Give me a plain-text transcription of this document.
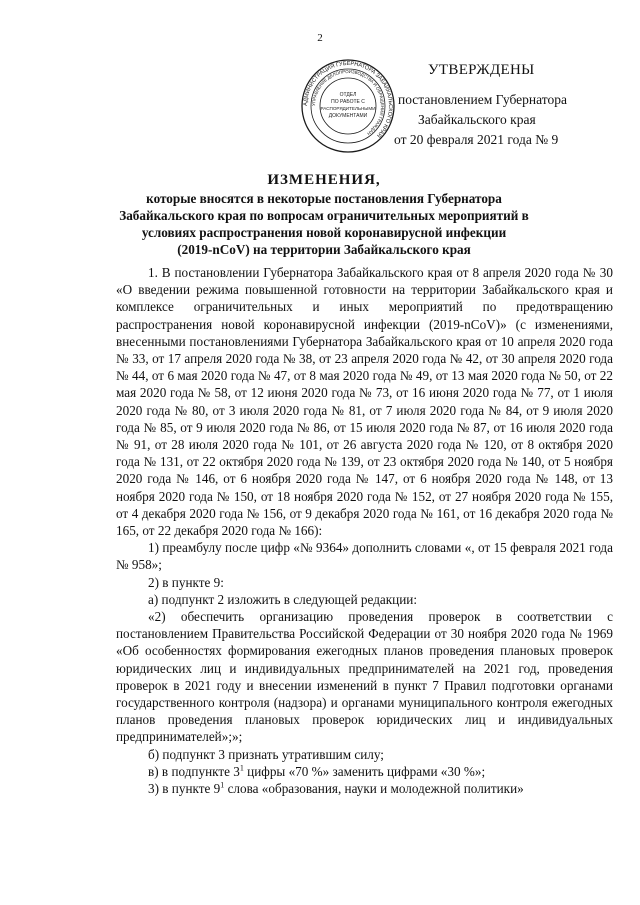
2
АДМИНИСТРАЦИЯ ГУБЕРНАТОРА ЗАБАЙКАЛЬСКОГО КРАЯ
УПРАВЛЕНИЕ ДЕЛОПРОИЗВОДСТВА И ОБРАЩЕНИЙ ГРАЖДАН
ОТДЕЛ
ПО РАБОТЕ С
РАСПОРЯДИТЕЛЬНЫМИ
ДОКУМЕНТАМИ
УТВЕРЖДЕНЫ
постановлением Губернатора
Забайкальского края
от 20 февраля 2021 года № 9
ИЗМЕНЕНИЯ,
которые вносятся в некоторые постановления Губернатора
Забайкальского края по вопросам ограничительных мероприятий в
условиях распространения новой коронавирусной инфекции
(2019-nCoV) на территории Забайкальского края

1. В постановлении Губернатора Забайкальского края от 8 апреля 2020 года № 30 «О введении режима повышенной готовности на территории Забайкальского края и комплексе ограничительных и иных мероприятий по предотвращению распространения новой коронавирусной инфекции (2019-nCoV)» (с изменениями, внесенными постановлениями Губернатора Забайкальского края от 10 апреля 2020 года № 33, от 17 апреля 2020 года № 38, от 23 апреля 2020 года № 42, от 30 апреля 2020 года № 44, от 6 мая 2020 года № 47, от 8 мая 2020 года № 49, от 13 мая 2020 года № 50, от 22 мая 2020 года № 58, от 12 июня 2020 года № 73, от 16 июня 2020 года № 77, от 1 июля 2020 года № 80, от 3 июля 2020 года № 81, от 7 июля 2020 года № 84, от 9 июля 2020 года № 85, от 9 июля 2020 года № 86, от 15 июля 2020 года № 87, от 16 июля 2020 года № 91, от 28 июля 2020 года № 101, от 26 августа 2020 года № 120, от 8 октября 2020 года № 131, от 22 октября 2020 года № 139, от 23 октября 2020 года № 140, от 5 ноября 2020 года № 146, от 6 ноября 2020 года № 147, от 6 ноября 2020 года № 148, от 13 ноября 2020 года № 150, от 18 ноября 2020 года № 152, от 27 ноября 2020 года № 155, от 4 декабря 2020 года № 156, от 9 декабря 2020 года № 161, от 16 декабря 2020 года № 165, от 22 декабря 2020 года № 166):

1) преамбулу после цифр «№ 9364» дополнить словами «, от 15 февраля 2021 года № 958»;

2) в пункте 9:

а) подпункт 2 изложить в следующей редакции:

«2) обеспечить организацию проведения проверок в соответствии с постановлением Правительства Российской Федерации от 30 ноября 2020 года № 1969 «Об особенностях формирования ежегодных планов проведения плановых проверок юридических лиц и индивидуальных предпринимателей на 2021 год, проведения проверок в 2021 году и внесении изменений в пункт 7 Правил подготовки органами государственного контроля (надзора) и органами муниципального контроля ежегодных планов проведения плановых проверок юридических лиц и индивидуальных предпринимателей»;»;

б) подпункт 3 признать утратившим силу;

в) в подпункте $3^1$ цифры «70 %» заменить цифрами «30 %»;

3) в пункте $9^1$ слова «образования, науки и молодежной политики»
